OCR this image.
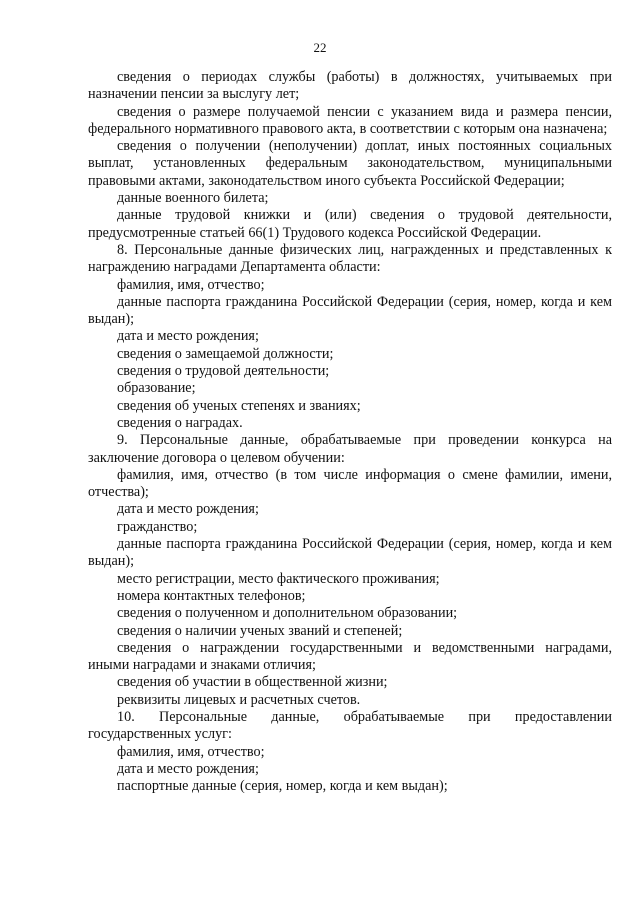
22

сведения о периодах службы (работы) в должностях, учитываемых при назначении пенсии за выслугу лет;

сведения о размере получаемой пенсии с указанием вида и размера пенсии, федерального нормативного правового акта, в соответствии с которым она назначена;

сведения о получении (неполучении) доплат, иных постоянных социальных выплат, установленных федеральным законодательством, муниципальными правовыми актами, законодательством иного субъекта Российской Федерации;

данные военного билета;

данные трудовой книжки и (или) сведения о трудовой деятельности, предусмотренные статьей 66(1) Трудового кодекса Российской Федерации.

8. Персональные данные физических лиц, награжденных и представленных к награждению наградами Департамента области:

фамилия, имя, отчество;

данные паспорта гражданина Российской Федерации (серия, номер, когда и кем выдан);

дата и место рождения;

сведения о замещаемой должности;

сведения о трудовой деятельности;

образование;

сведения об ученых степенях и званиях;

сведения о наградах.

9. Персональные данные, обрабатываемые при проведении конкурса на заключение договора о целевом обучении:

фамилия, имя, отчество (в том числе информация о смене фамилии, имени, отчества);

дата и место рождения;

гражданство;

данные паспорта гражданина Российской Федерации (серия, номер, когда и кем выдан);

место регистрации, место фактического проживания;

номера контактных телефонов;

сведения о полученном и дополнительном образовании;

сведения о наличии ученых званий и степеней;

сведения о награждении государственными и ведомственными наградами, иными наградами и знаками отличия;

сведения об участии в общественной жизни;

реквизиты лицевых и расчетных счетов.

10. Персональные данные, обрабатываемые при предоставлении государственных услуг:

фамилия, имя, отчество;

дата и место рождения;

паспортные данные (серия, номер, когда и кем выдан);
